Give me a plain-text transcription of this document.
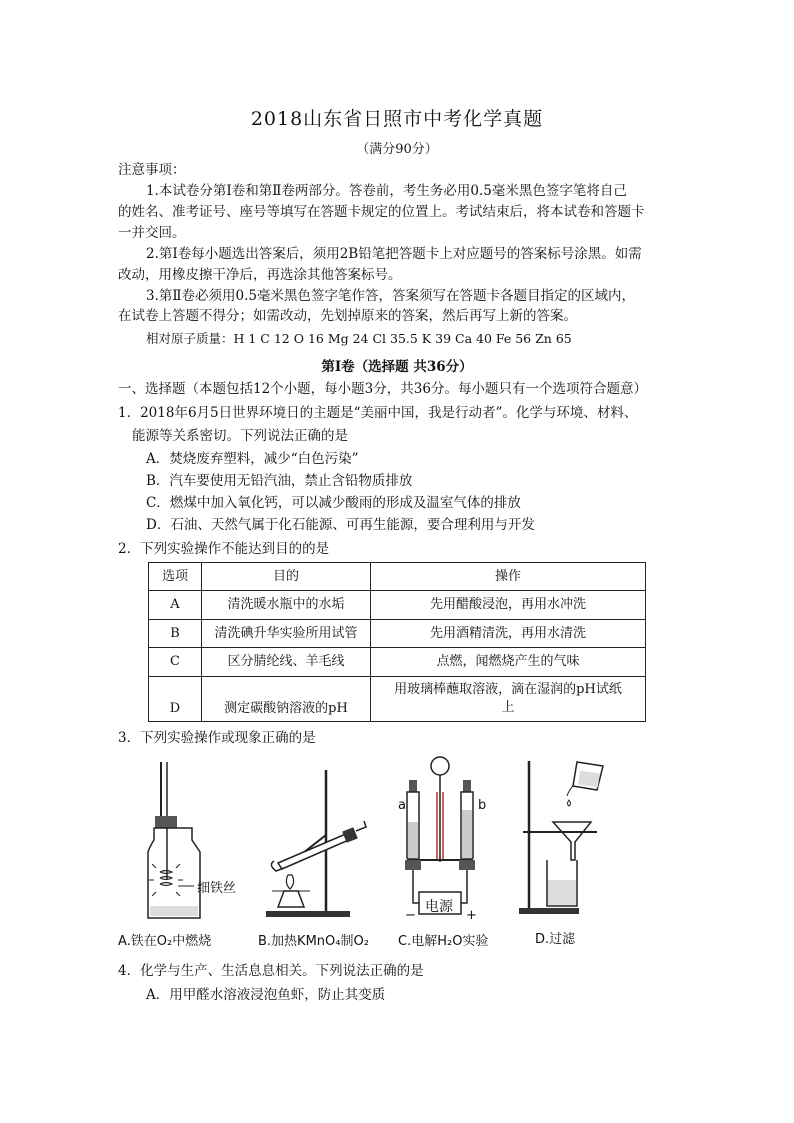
2018山东省日照市中考化学真题
（满分90分）
注意事项：
1.本试卷分第Ⅰ卷和第Ⅱ卷两部分。答卷前，考生务必用0.5毫米黑色签字笔将自己
的姓名、准考证号、座号等填写在答题卡规定的位置上。考试结束后，将本试卷和答题卡
一并交回。
2.第Ⅰ卷每小题选出答案后，须用2B铅笔把答题卡上对应题号的答案标号涂黑。如需
改动，用橡皮擦干净后，再选涂其他答案标号。
3.第Ⅱ卷必须用0.5毫米黑色签字笔作答，答案须写在答题卡各题目指定的区域内，
在试卷上答题不得分；如需改动，先划掉原来的答案，然后再写上新的答案。
相对原子质量：H 1 C 12 O 16 Mg 24 Cl 35.5 K 39 Ca 40 Fe 56 Zn 65
第Ⅰ卷（选择题 共36分）
一、选择题（本题包括12个小题，每小题3分，共36分。每小题只有一个选项符合题意）
1．2018年6月5日世界环境日的主题是“美丽中国，我是行动者”。化学与环境、材料、
能源等关系密切。下列说法正确的是
A．焚烧废弃塑料，减少“白色污染”
B．汽车要使用无铅汽油，禁止含铅物质排放
C．燃煤中加入氧化钙，可以减少酸雨的形成及温室气体的排放
D．石油、天然气属于化石能源、可再生能源，要合理利用与开发
2．下列实验操作不能达到目的的是
选项	目的	操作
A	清洗暖水瓶中的水垢	先用醋酸浸泡，再用水冲洗
B	清洗碘升华实验所用试管	先用酒精清洗，再用水清洗
C	区分腈纶线、羊毛线	点燃，闻燃烧产生的气味
D	测定碳酸钠溶液的pH	用玻璃棒蘸取溶液，滴在湿润的pH试纸
上
3．下列实验操作或现象正确的是
细铁丝
a	b
电源
−	+
A.铁在O₂中燃烧	B.加热KMnO₄制O₂ C.电解H₂O实验	D.过滤
4．化学与生产、生活息息相关。下列说法正确的是
A．用甲醛水溶液浸泡鱼虾，防止其变质
